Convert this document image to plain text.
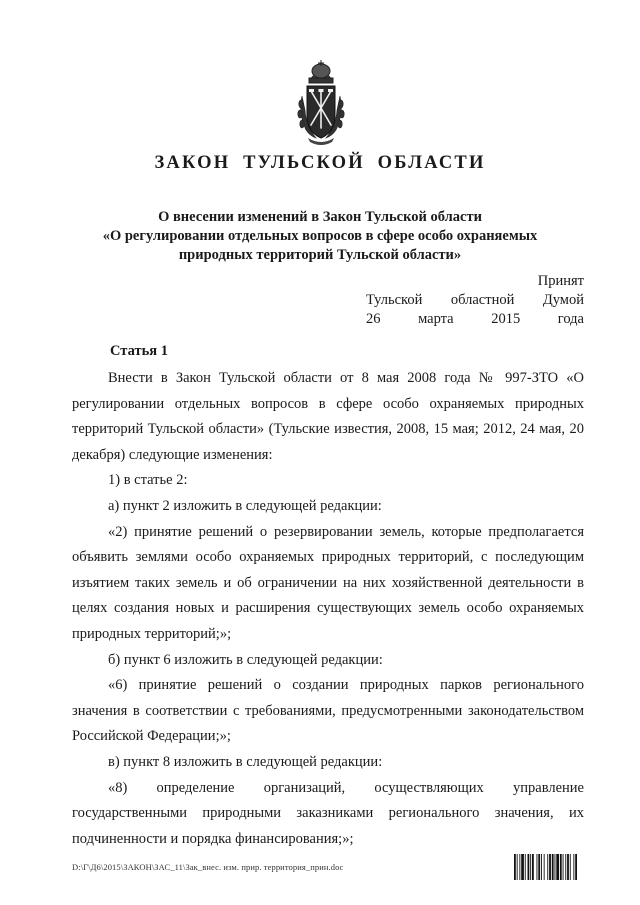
ЗАКОН ТУЛЬСКОЙ ОБЛАСТИ
О внесении изменений в Закон Тульской области
«О регулировании отдельных вопросов в сфере особо охраняемых
природных территорий Тульской области»
Принят
Тульской областной Думой
26	марта	2015	года
Статья 1

Внести в Закон Тульской области от 8 мая 2008 года № 997-ЗТО «О регулировании отдельных вопросов в сфере особо охраняемых природных территорий Тульской области» (Тульские известия, 2008, 15 мая; 2012, 24 мая, 20 декабря) следующие изменения:

1) в статье 2:

а) пункт 2 изложить в следующей редакции:

«2) принятие решений о резервировании земель, которые предполагается объявить землями особо охраняемых природных территорий, с последующим изъятием таких земель и об ограничении на них хозяйственной деятельности в целях создания новых и расширения существующих земель особо охраняемых природных территорий;»;

б) пункт 6 изложить в следующей редакции:

«6) принятие решений о создании природных парков регионального значения в соответствии с требованиями, предусмотренными законодательством Российской Федерации;»;

в) пункт 8 изложить в следующей редакции:

«8) определение организаций, осуществляющих управление государственными природными заказниками регионального значения, их подчиненности и порядка финансирования;»;

D:\Г\Д6\2015\ЗАКОН\ЗАС_11\Зак_внес. изм. прир. территория_прин.doc
